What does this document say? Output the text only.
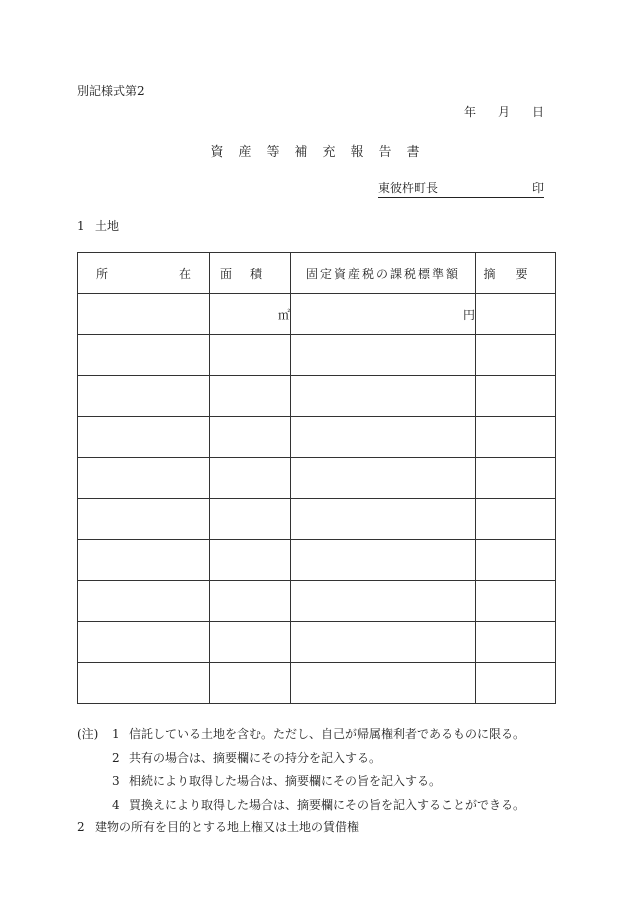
別記様式第2
年 月 日
資産等補充報告書
東彼杵町長	印
1 土地
所 在	面積	固定資産税の課税標準額	摘要
	㎡	円	

(注) 1 信託している土地を含む。ただし、自己が帰属権利者であるものに限る。
2 共有の場合は、摘要欄にその持分を記入する。
3 相続により取得した場合は、摘要欄にその旨を記入する。
4 買換えにより取得した場合は、摘要欄にその旨を記入することができる。
2 建物の所有を目的とする地上権又は土地の賃借権
